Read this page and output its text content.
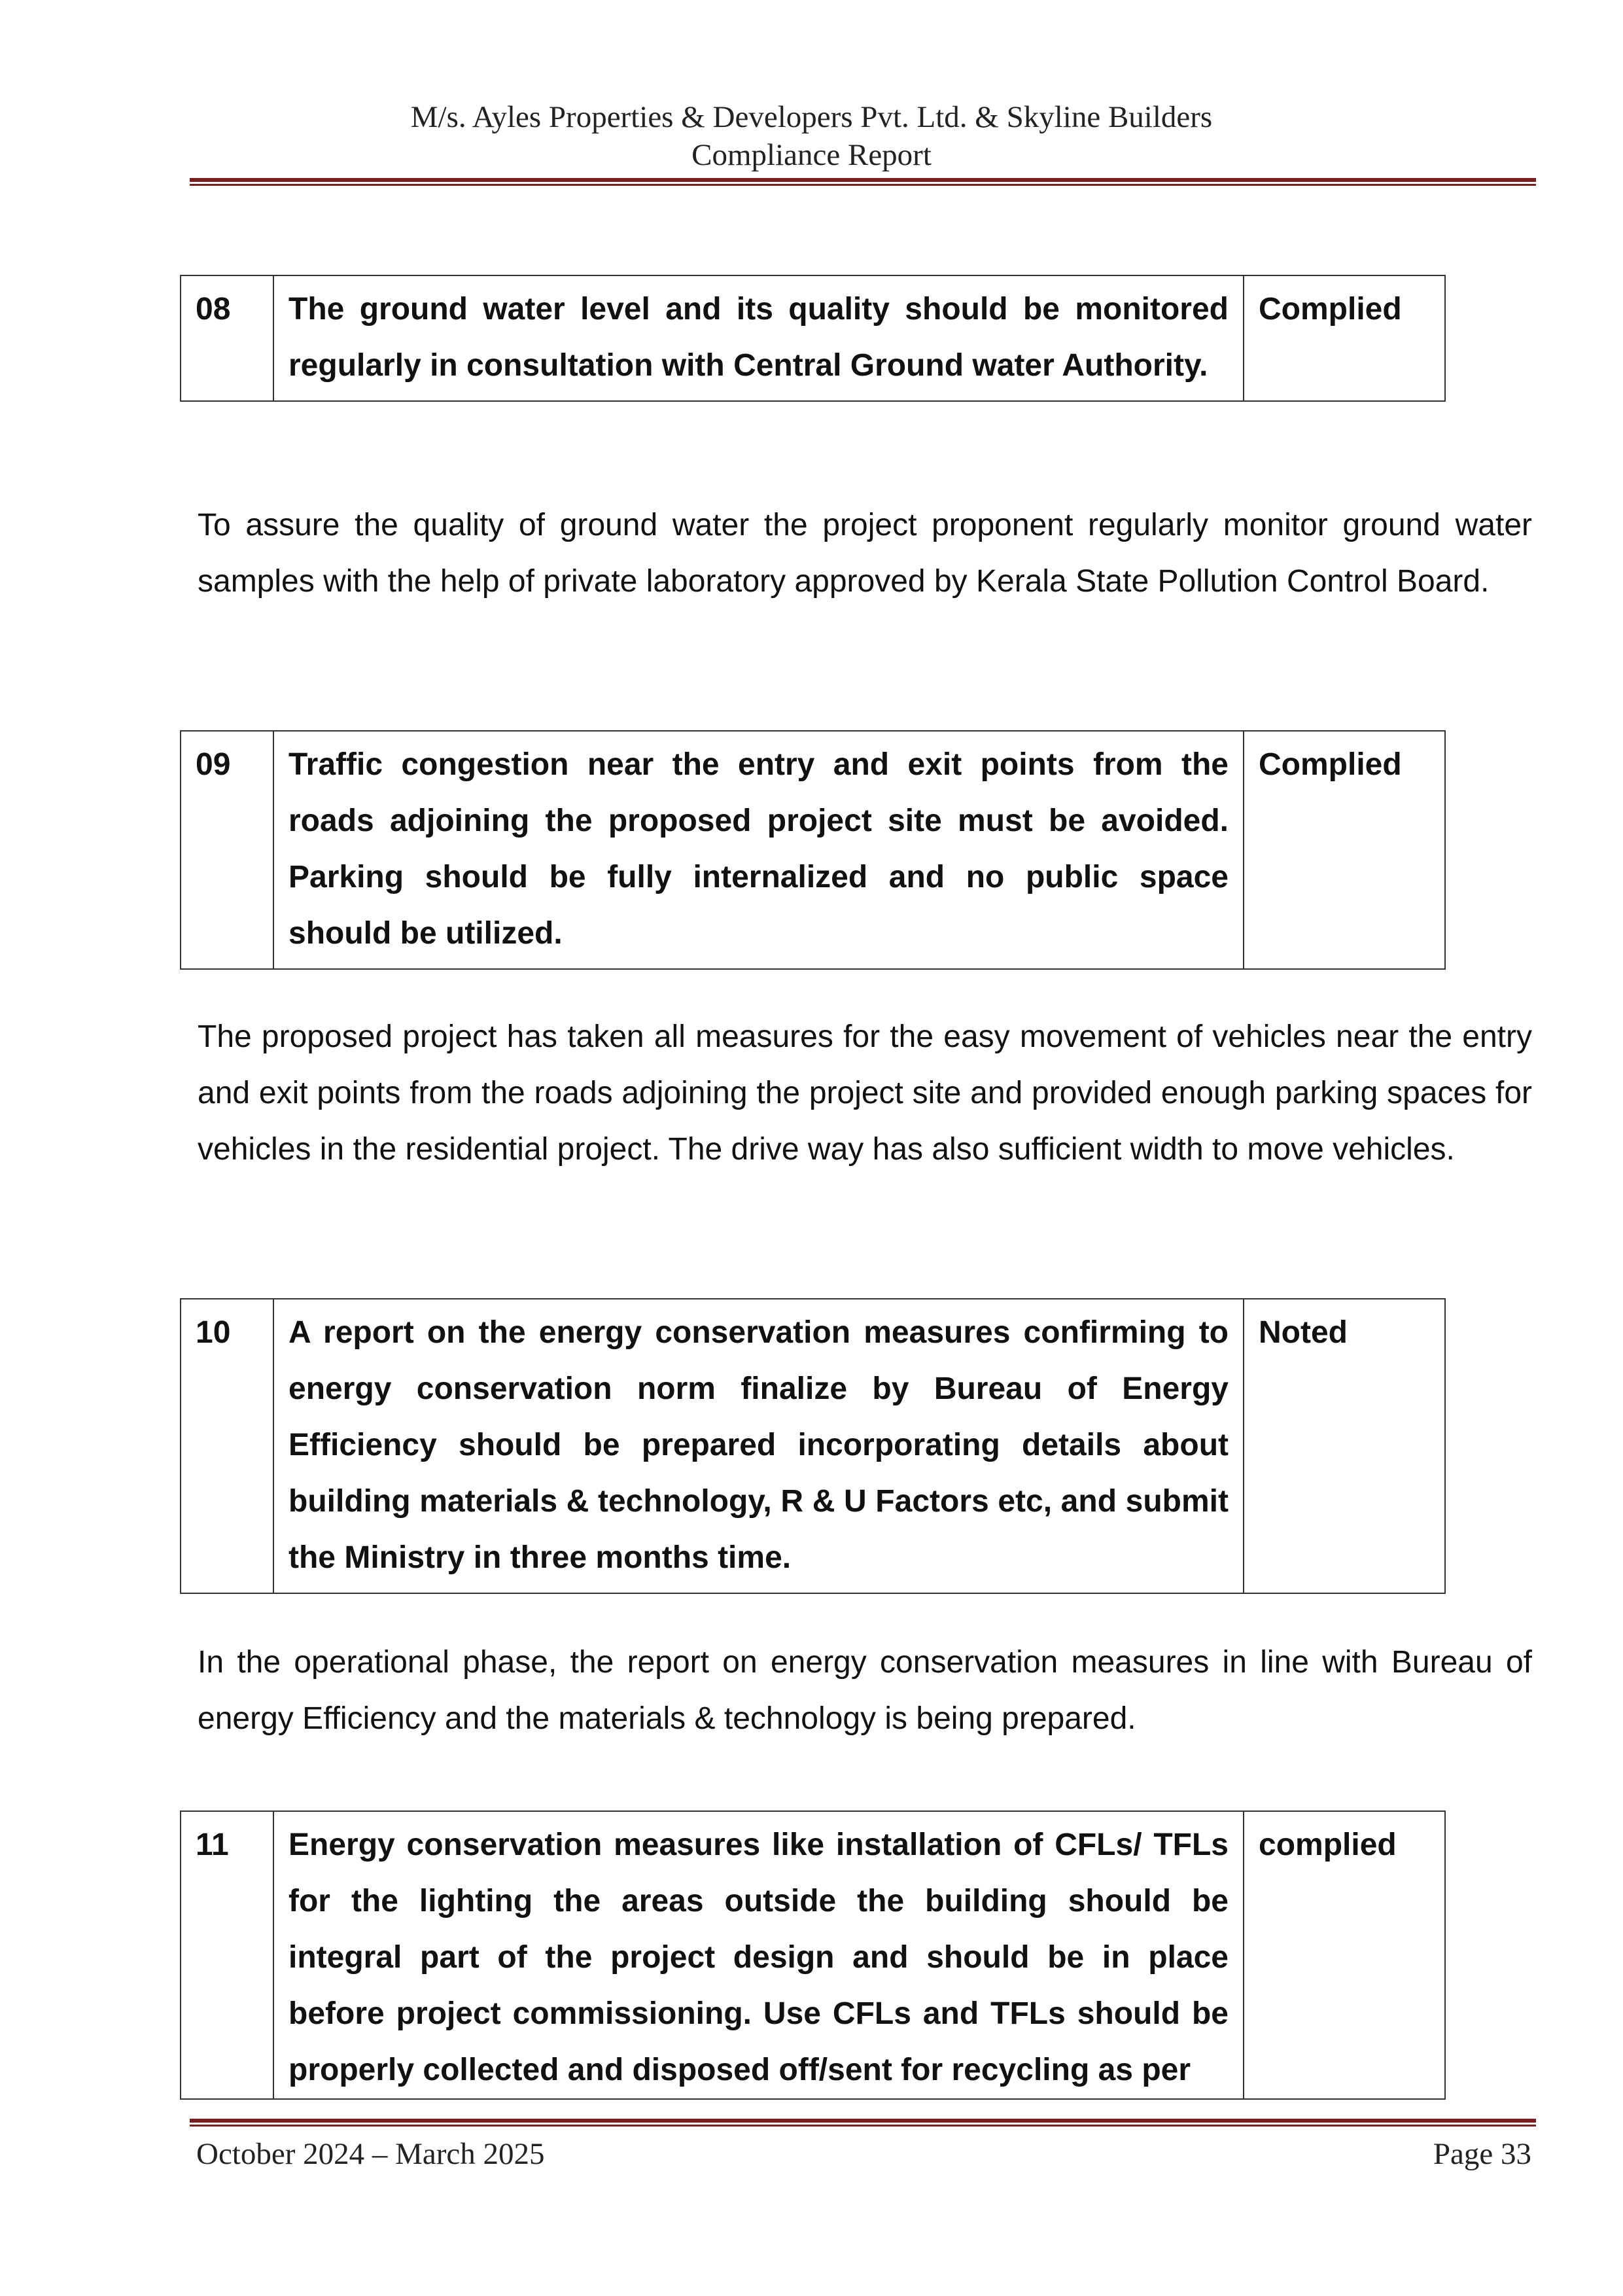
M/s. Ayles Properties & Developers Pvt. Ltd. & Skyline Builders
Compliance Report
08	The ground water level and its quality should be monitored regularly in consultation with Central Ground water Authority.	Complied

To assure the quality of ground water the project proponent regularly monitor ground water samples with the help of private laboratory approved by Kerala State Pollution Control Board.

09	Traffic congestion near the entry and exit points from the roads adjoining the proposed project site must be avoided. Parking should be fully internalized and no public space should be utilized.	Complied

The proposed project has taken all measures for the easy movement of vehicles near the entry and exit points from the roads adjoining the project site and provided enough parking spaces for vehicles in the residential project. The drive way has also sufficient width to move vehicles.

10	A report on the energy conservation measures confirming to energy conservation norm finalize by Bureau of Energy Efficiency should be prepared incorporating details about building materials & technology, R & U Factors etc, and submit the Ministry in three months time.	Noted

In the operational phase, the report on energy conservation measures in line with Bureau of energy Efficiency and the materials & technology is being prepared.

11	Energy conservation measures like installation of CFLs/ TFLs for the lighting the areas outside the building should be integral part of the project design and should be in place before project commissioning. Use CFLs and TFLs should be properly collected and disposed off/sent for recycling as per	complied
October 2024 – March 2025	Page 33
